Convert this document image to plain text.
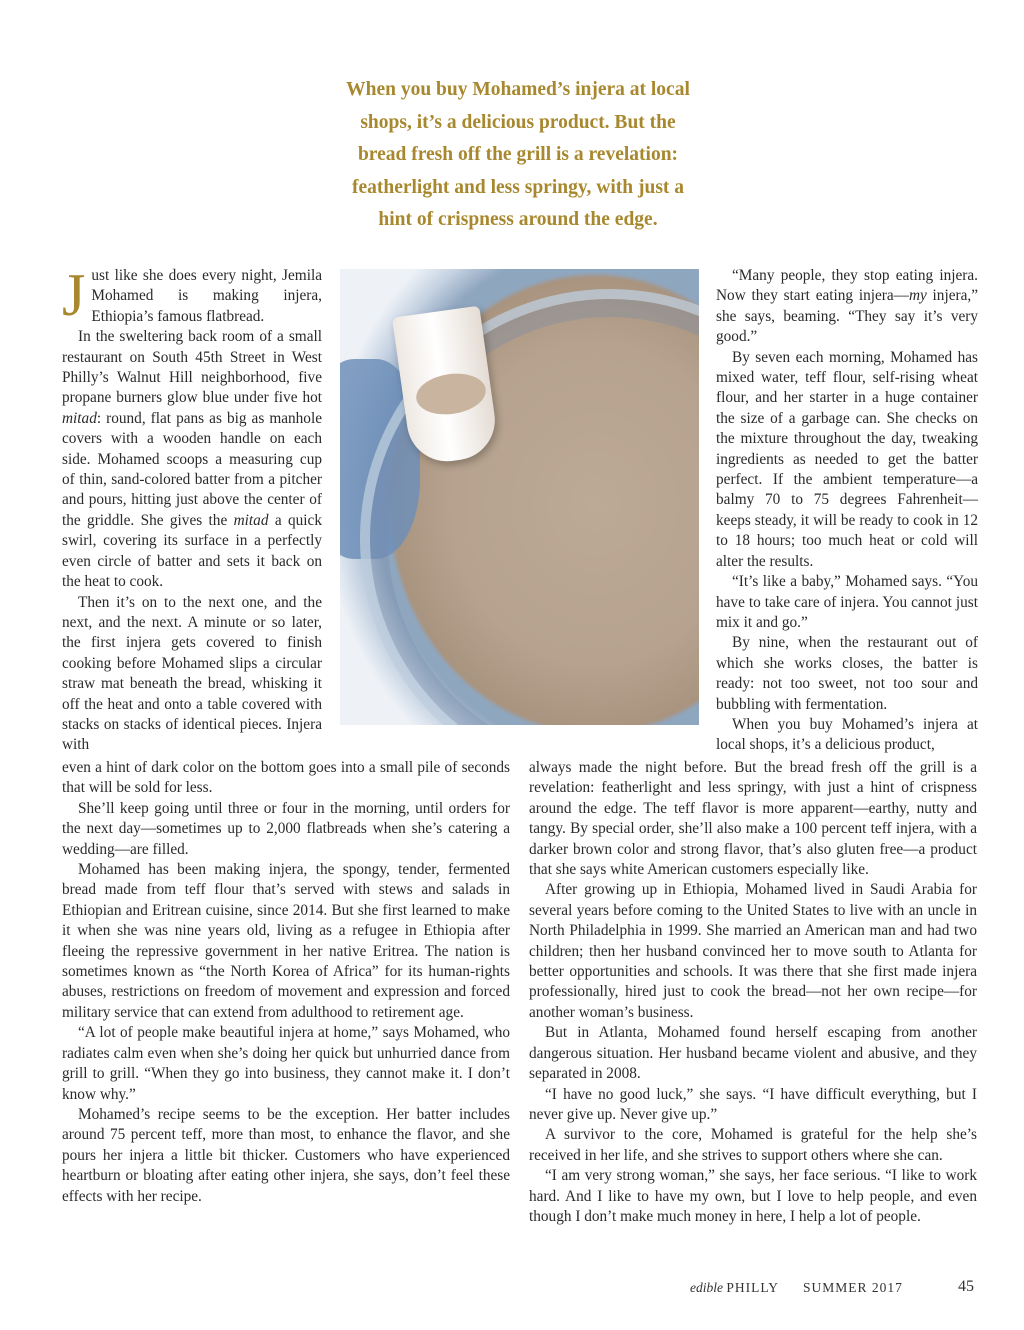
When you buy Mohamed’s injera at local
shops, it’s a delicious product. But the
bread fresh off the grill is a revelation:
featherlight and less springy, with just a
hint of crispness around the edge.

Just like she does every night, Jemila Mohamed is making injera, Ethiopia’s famous flatbread.

In the sweltering back room of a small restaurant on South 45th Street in West Philly’s Walnut Hill neighborhood, five propane burners glow blue under five hot mitad: round, flat pans as big as manhole covers with a wooden handle on each side. Mohamed scoops a measuring cup of thin, sand-colored batter from a pitcher and pours, hitting just above the center of the griddle. She gives the mitad a quick swirl, covering its surface in a perfectly even circle of batter and sets it back on the heat to cook.

Then it’s on to the next one, and the next, and the next. A minute or so later, the first injera gets covered to finish cooking before Mohamed slips a circular straw mat beneath the bread, whisking it off the heat and onto a table covered with stacks on stacks of identical pieces. Injera with

even a hint of dark color on the bottom goes into a small pile of seconds that will be sold for less.

She’ll keep going until three or four in the morning, until orders for the next day—sometimes up to 2,000 flatbreads when she’s catering a wedding—are filled.

Mohamed has been making injera, the spongy, tender, fermented bread made from teff flour that’s served with stews and salads in Ethiopian and Eritrean cuisine, since 2014. But she first learned to make it when she was nine years old, living as a refugee in Ethiopia after fleeing the repressive government in her native Eritrea. The nation is sometimes known as “the North Korea of Africa” for its human-rights abuses, restrictions on freedom of movement and expression and forced military service that can extend from adulthood to retirement age.

“A lot of people make beautiful injera at home,” says Mohamed, who radiates calm even when she’s doing her quick but unhurried dance from grill to grill. “When they go into business, they cannot make it. I don’t know why.”

Mohamed’s recipe seems to be the exception. Her batter includes around 75 percent teff, more than most, to enhance the flavor, and she pours her injera a little bit thicker. Customers who have experienced heartburn or bloating after eating other injera, she says, don’t feel these effects with her recipe.

“Many people, they stop eating injera. Now they start eating injera—my injera,” she says, beaming. “They say it’s very good.”

By seven each morning, Mohamed has mixed water, teff flour, self-rising wheat flour, and her starter in a huge container the size of a garbage can. She checks on the mixture throughout the day, tweaking ingredients as needed to get the batter perfect. If the ambient temperature—a balmy 70 to 75 degrees Fahrenheit—keeps steady, it will be ready to cook in 12 to 18 hours; too much heat or cold will alter the results.

“It’s like a baby,” Mohamed says. “You have to take care of injera. You cannot just mix it and go.”

By nine, when the restaurant out of which she works closes, the batter is ready: not too sweet, not too sour and bubbling with fermentation.

When you buy Mohamed’s injera at local shops, it’s a delicious product,

always made the night before. But the bread fresh off the grill is a revelation: featherlight and less springy, with just a hint of crispness around the edge. The teff flavor is more apparent—earthy, nutty and tangy. By special order, she’ll also make a 100 percent teff injera, with a darker brown color and strong flavor, that’s also gluten free—a product that she says white American customers especially like.

After growing up in Ethiopia, Mohamed lived in Saudi Arabia for several years before coming to the United States to live with an uncle in North Philadelphia in 1999. She married an American man and had two children; then her husband convinced her to move south to Atlanta for better opportunities and schools. It was there that she first made injera professionally, hired just to cook the bread—not her own recipe—for another woman’s business.

But in Atlanta, Mohamed found herself escaping from another dangerous situation. Her husband became violent and abusive, and they separated in 2008.

“I have no good luck,” she says. “I have difficult everything, but I never give up. Never give up.”

A survivor to the core, Mohamed is grateful for the help she’s received in her life, and she strives to support others where she can.

“I am very strong woman,” she says, her face serious. “I like to work hard. And I like to have my own, but I love to help people, and even though I don’t make much money in here, I help a lot of people.

edible PHILLY SUMMER 2017	45
